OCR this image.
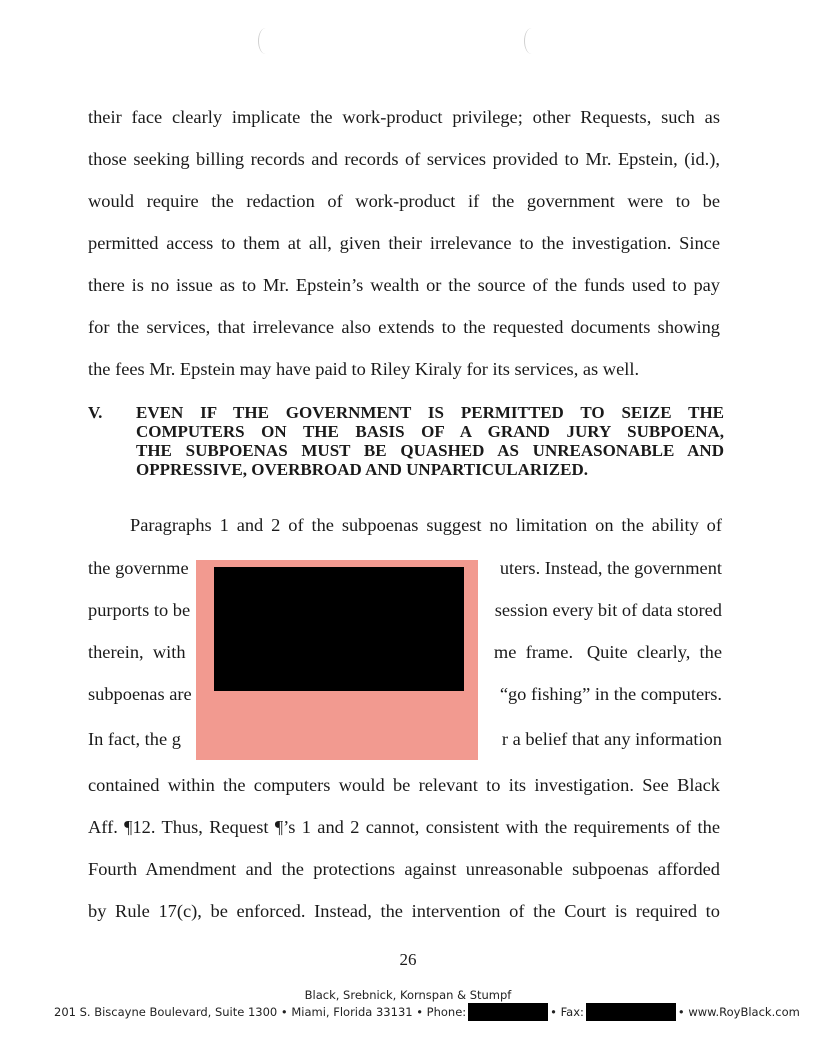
their face clearly implicate the work-product privilege; other Requests, such as
those seeking billing records and records of services provided to Mr. Epstein, (id.),
would require the redaction of work-product if the government were to be
permitted access to them at all, given their irrelevance to the investigation. Since
there is no issue as to Mr. Epstein’s wealth or the source of the funds used to pay
for the services, that irrelevance also extends to the requested documents showing
the fees Mr. Epstein may have paid to Riley Kiraly for its services, as well.
V. EVEN IF THE GOVERNMENT IS PERMITTED TO SEIZE THE
COMPUTERS ON THE BASIS OF A GRAND JURY SUBPOENA,
THE SUBPOENAS MUST BE QUASHED AS UNREASONABLE AND
OPPRESSIVE, OVERBROAD AND UNPARTICULARIZED.
Paragraphs 1 and 2 of the subpoenas suggest no limitation on the ability of
the governme	uters. Instead, the government
purports to be	session every bit of data stored
therein,  with	me  frame.   Quite  clearly,  the
subpoenas are	“go fishing” in the computers.
In fact, the g	r a belief that any information
contained within the computers would be relevant to its investigation. See Black
Aff. ¶12. Thus, Request ¶’s 1 and 2 cannot, consistent with the requirements of the
Fourth Amendment and the protections against unreasonable subpoenas afforded
by Rule 17(c), be enforced. Instead, the intervention of the Court is required to
26
Black, Srebnick, Kornspan & Stumpf
201 S. Biscayne Boulevard, Suite 1300 • Miami, Florida 33131 • Phone:	• Fax:	• www.RoyBlack.com
